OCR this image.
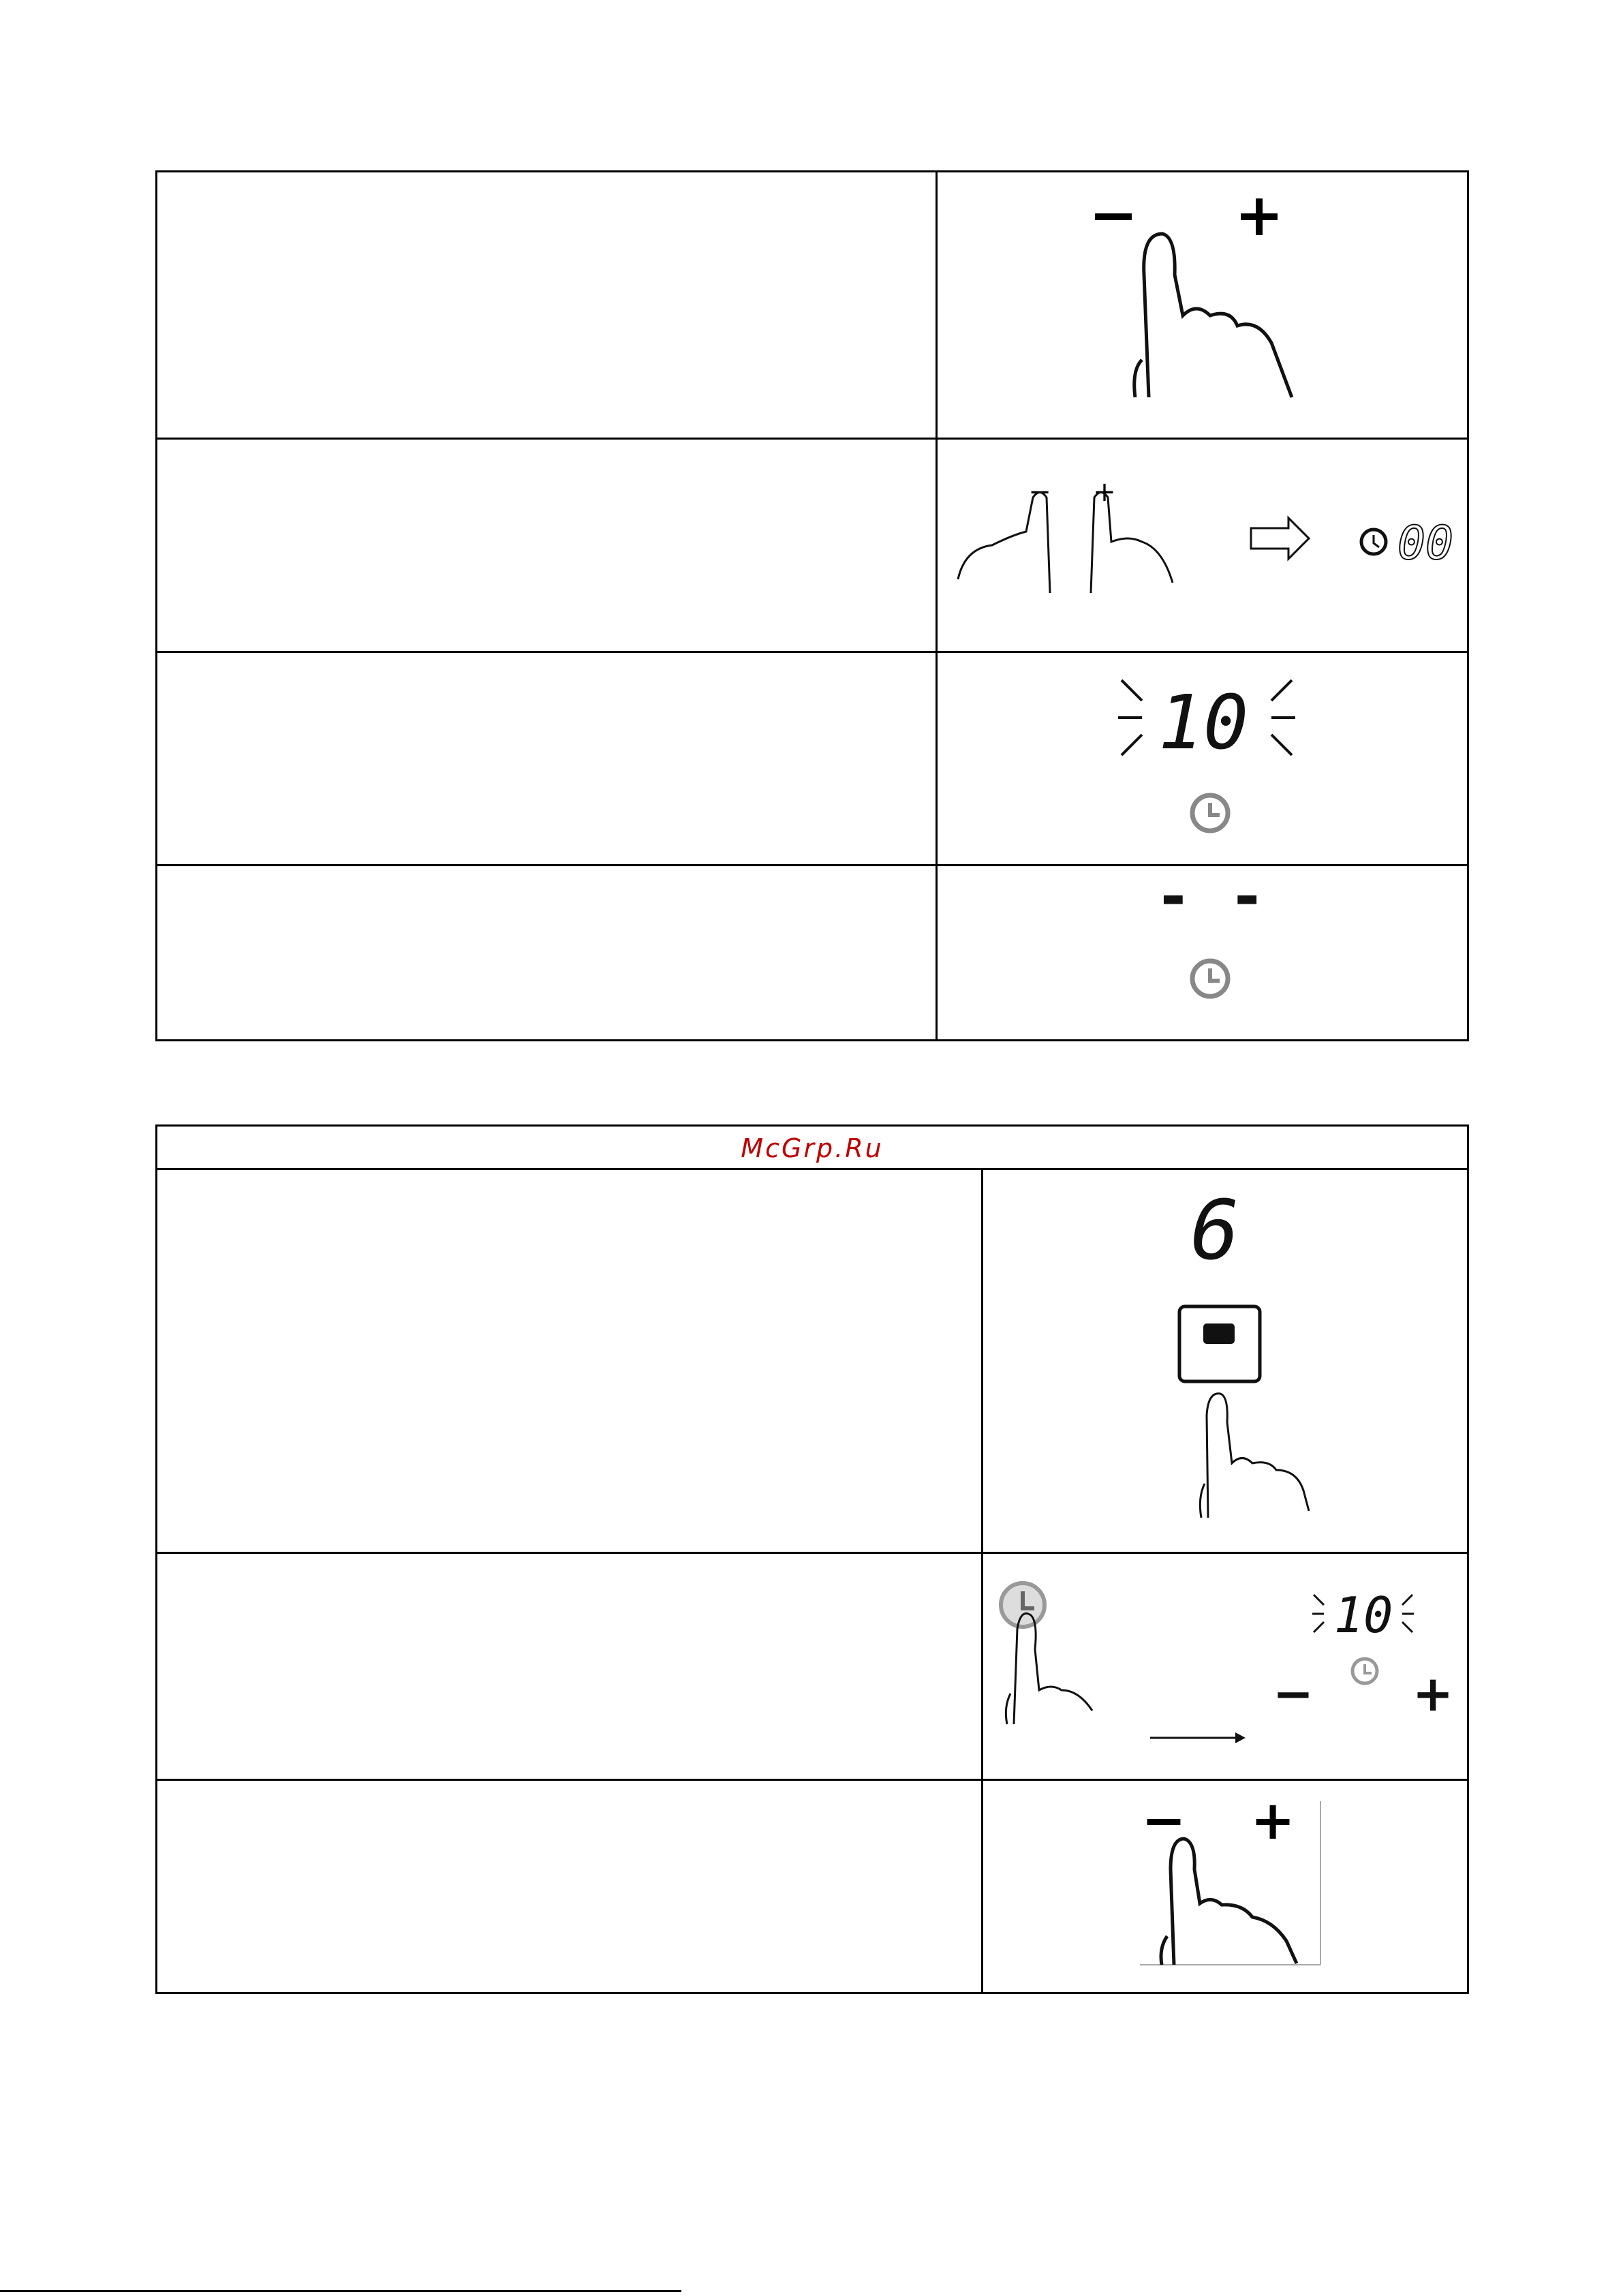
− +
− +
00
10
- -
McGrp.Ru
6
10
− +
− +
